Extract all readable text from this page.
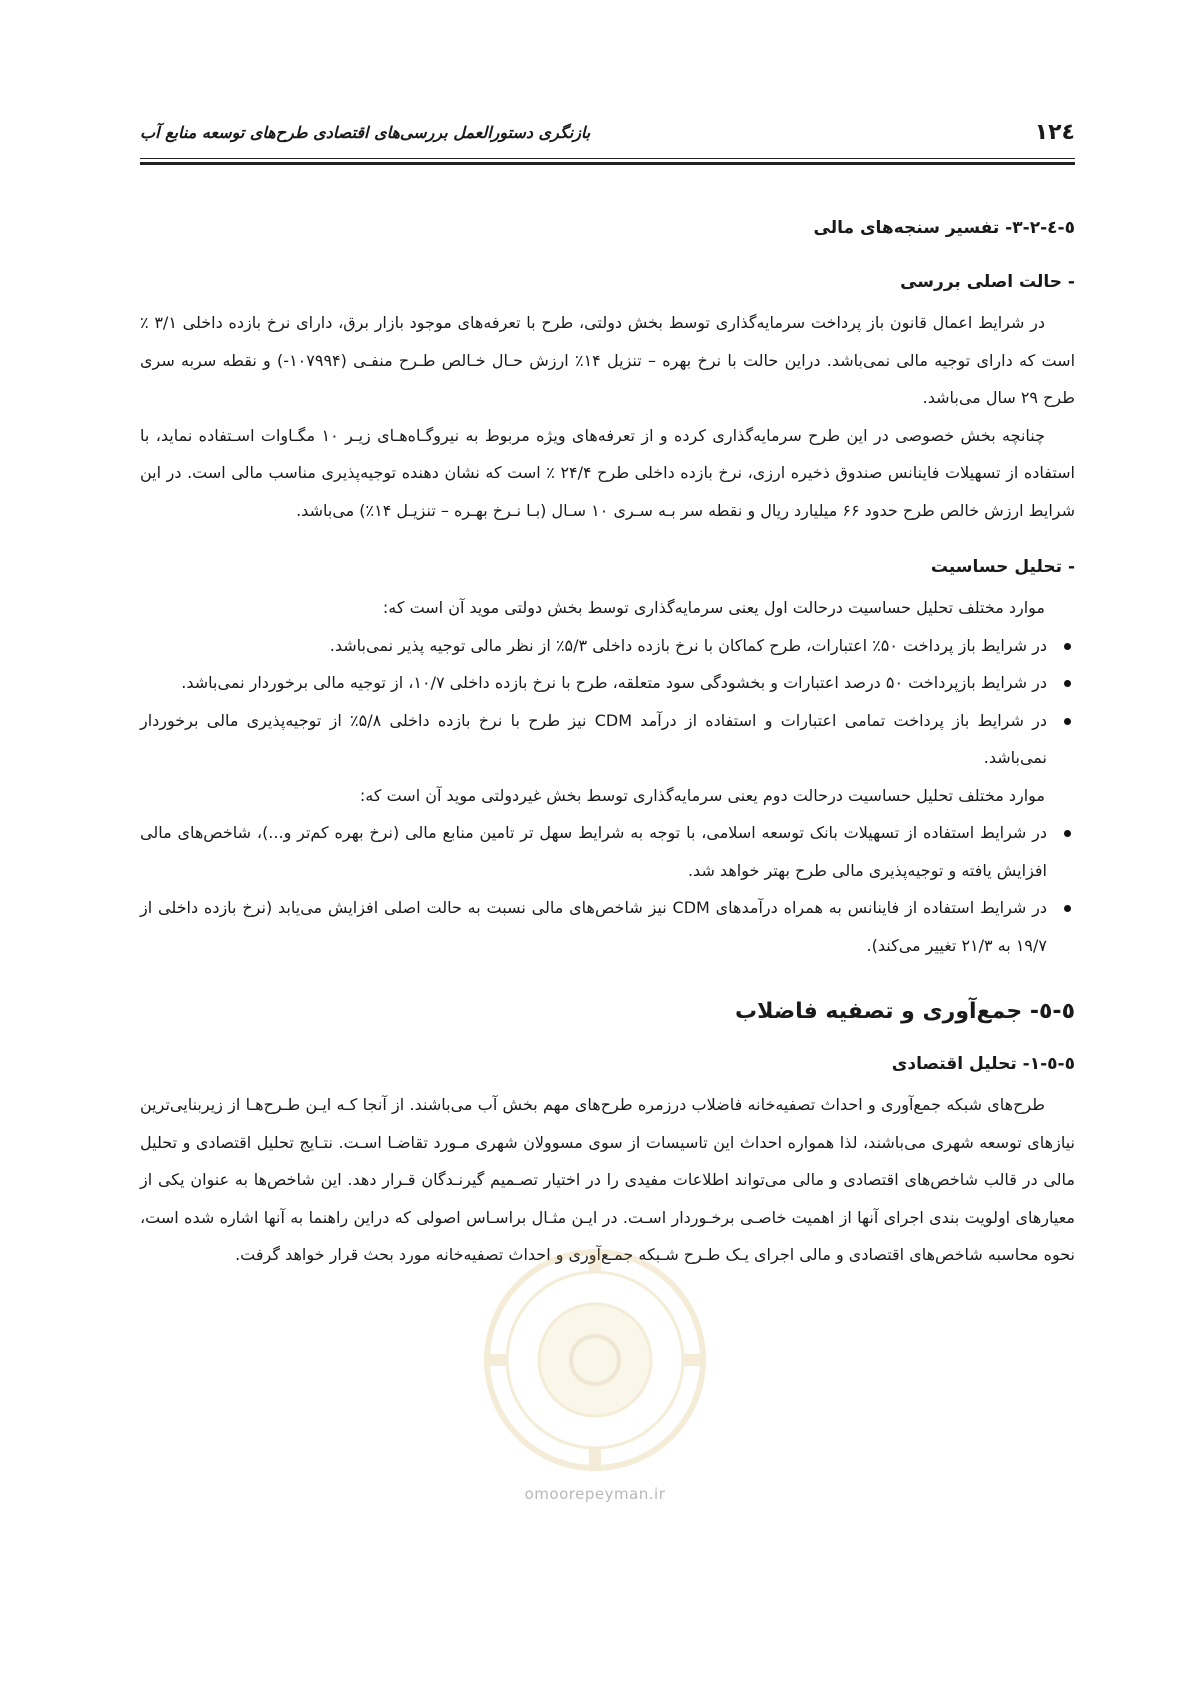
۱۲٤
بازنگری دستورالعمل بررسی‌های اقتصادی طرح‌های توسعه منابع آب
٥-٤-٢-٣- تفسیر سنجه‌های مالی
- حالت اصلی بررسی

در شرایط اعمال قانون باز پرداخت سرمایه‌گذاری توسط بخش دولتی، طرح با تعرفه‌های موجود بازار برق، دارای نرخ بازده داخلی ۳/۱ ٪ است که دارای توجیه مالی نمی‌باشد. دراین حالت با نرخ بهره – تنزیل ۱۴٪ ارزش حـال خـالص طـرح منفـی (۱۰۷۹۹۴-) و نقطه سربه سری طرح ۲۹ سال می‌باشد.

چنانچه بخش خصوصی در این طرح سرمایه‌گذاری کرده و از تعرفه‌های ویژه مربوط به نیروگـاه‌هـای زیـر ۱۰ مگـاوات اسـتفاده نماید، با استفاده از تسهیلات فاینانس صندوق ذخیره ارزی، نرخ بازده داخلی طرح ۲۴/۴ ٪ است که نشان دهنده توجیه‌پذیری مناسب مالی است. در این شرایط ارزش خالص طرح حدود ۶۶ میلیارد ریال و نقطه سر بـه سـری ۱۰ سـال (بـا نـرخ بهـره – تنزیـل ۱۴٪) می‌باشد.

- تحلیل حساسیت

موارد مختلف تحلیل حساسیت درحالت اول یعنی سرمایه‌گذاری توسط بخش دولتی موید آن است که:

در شرایط باز پرداخت ۵۰٪ اعتبارات، طرح کماکان با نرخ بازده داخلی ۵/۳٪ از نظر مالی توجیه پذیر نمی‌باشد.
در شرایط بازپرداخت ۵۰ درصد اعتبارات و بخشودگی سود متعلقه، طرح با نرخ بازده داخلی ۱۰/۷، از توجیه مالی برخوردار نمی‌باشد.
در شرایط باز پرداخت تمامی اعتبارات و استفاده از درآمد CDM نیز طرح با نرخ بازده داخلی ۵/۸٪ از توجیه‌پذیری مالی برخوردار نمی‌باشد.

موارد مختلف تحلیل حساسیت درحالت دوم یعنی سرمایه‌گذاری توسط بخش غیردولتی موید آن است که:

در شرایط استفاده از تسهیلات بانک توسعه اسلامی، با توجه به شرایط سهل تر تامین منابع مالی (نرخ بهره کم‌تر و...)، شاخص‌های مالی افزایش یافته و توجیه‌پذیری مالی طرح بهتر خواهد شد.
در شرایط استفاده از فاینانس به همراه درآمدهای CDM نیز شاخص‌های مالی نسبت به حالت اصلی افزایش می‌یابد (نرخ بازده داخلی از ۱۹/۷ به ۲۱/۳ تغییر می‌کند).
٥-٥- جمع‌آوری و تصفیه فاضلاب
٥-٥-١- تحلیل اقتصادی

طرح‌های شبکه جمع‌آوری و احداث تصفیه‌خانه فاضلاب درزمره طرح‌های مهم بخش آب می‌باشند. از آنجا کـه ایـن طـرح‌هـا از زیربنایی‌ترین نیازهای توسعه شهری می‌باشند، لذا همواره احداث این تاسیسات از سوی مسوولان شهری مـورد تقاضـا اسـت. نتـایج تحلیل اقتصادی و تحلیل مالی در قالب شاخص‌های اقتصادی و مالی می‌تواند اطلاعات مفیدی را در اختیار تصـمیم گیرنـدگان قـرار دهد. این شاخص‌ها به عنوان یکی از معیارهای اولویت بندی اجرای آنها از اهمیت خاصـی برخـوردار اسـت. در ایـن مثـال براسـاس اصولی که دراین راهنما به آنها اشاره شده است، نحوه محاسبه شاخص‌های اقتصادی و مالی اجرای یـک طـرح شـبکه جمـع‌آوری و احداث تصفیه‌خانه مورد بحث قرار خواهد گرفت.

omoorepeyman.ir
